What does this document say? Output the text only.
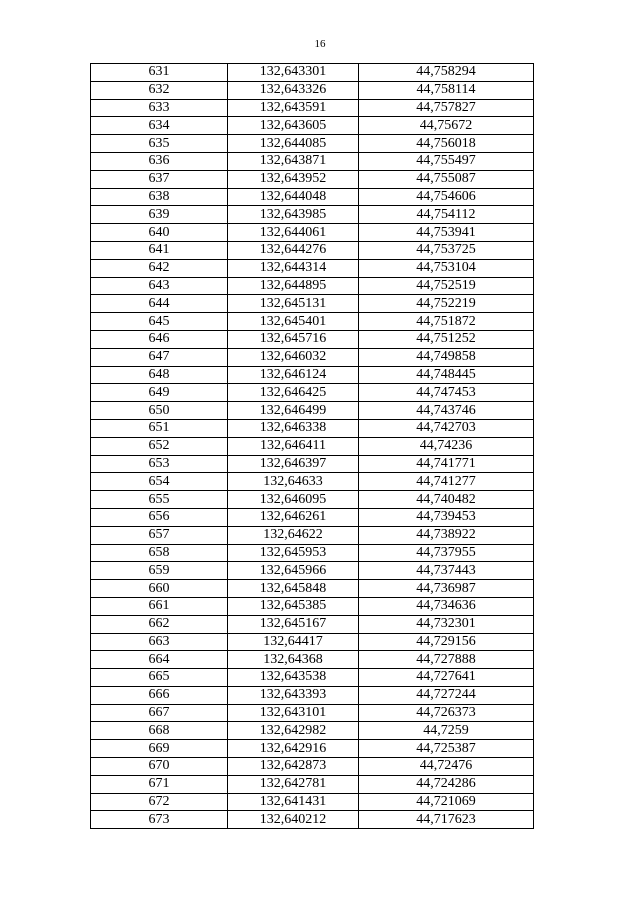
16
631	132,643301	44,758294
632	132,643326	44,758114
633	132,643591	44,757827
634	132,643605	44,75672
635	132,644085	44,756018
636	132,643871	44,755497
637	132,643952	44,755087
638	132,644048	44,754606
639	132,643985	44,754112
640	132,644061	44,753941
641	132,644276	44,753725
642	132,644314	44,753104
643	132,644895	44,752519
644	132,645131	44,752219
645	132,645401	44,751872
646	132,645716	44,751252
647	132,646032	44,749858
648	132,646124	44,748445
649	132,646425	44,747453
650	132,646499	44,743746
651	132,646338	44,742703
652	132,646411	44,74236
653	132,646397	44,741771
654	132,64633	44,741277
655	132,646095	44,740482
656	132,646261	44,739453
657	132,64622	44,738922
658	132,645953	44,737955
659	132,645966	44,737443
660	132,645848	44,736987
661	132,645385	44,734636
662	132,645167	44,732301
663	132,64417	44,729156
664	132,64368	44,727888
665	132,643538	44,727641
666	132,643393	44,727244
667	132,643101	44,726373
668	132,642982	44,7259
669	132,642916	44,725387
670	132,642873	44,72476
671	132,642781	44,724286
672	132,641431	44,721069
673	132,640212	44,717623
